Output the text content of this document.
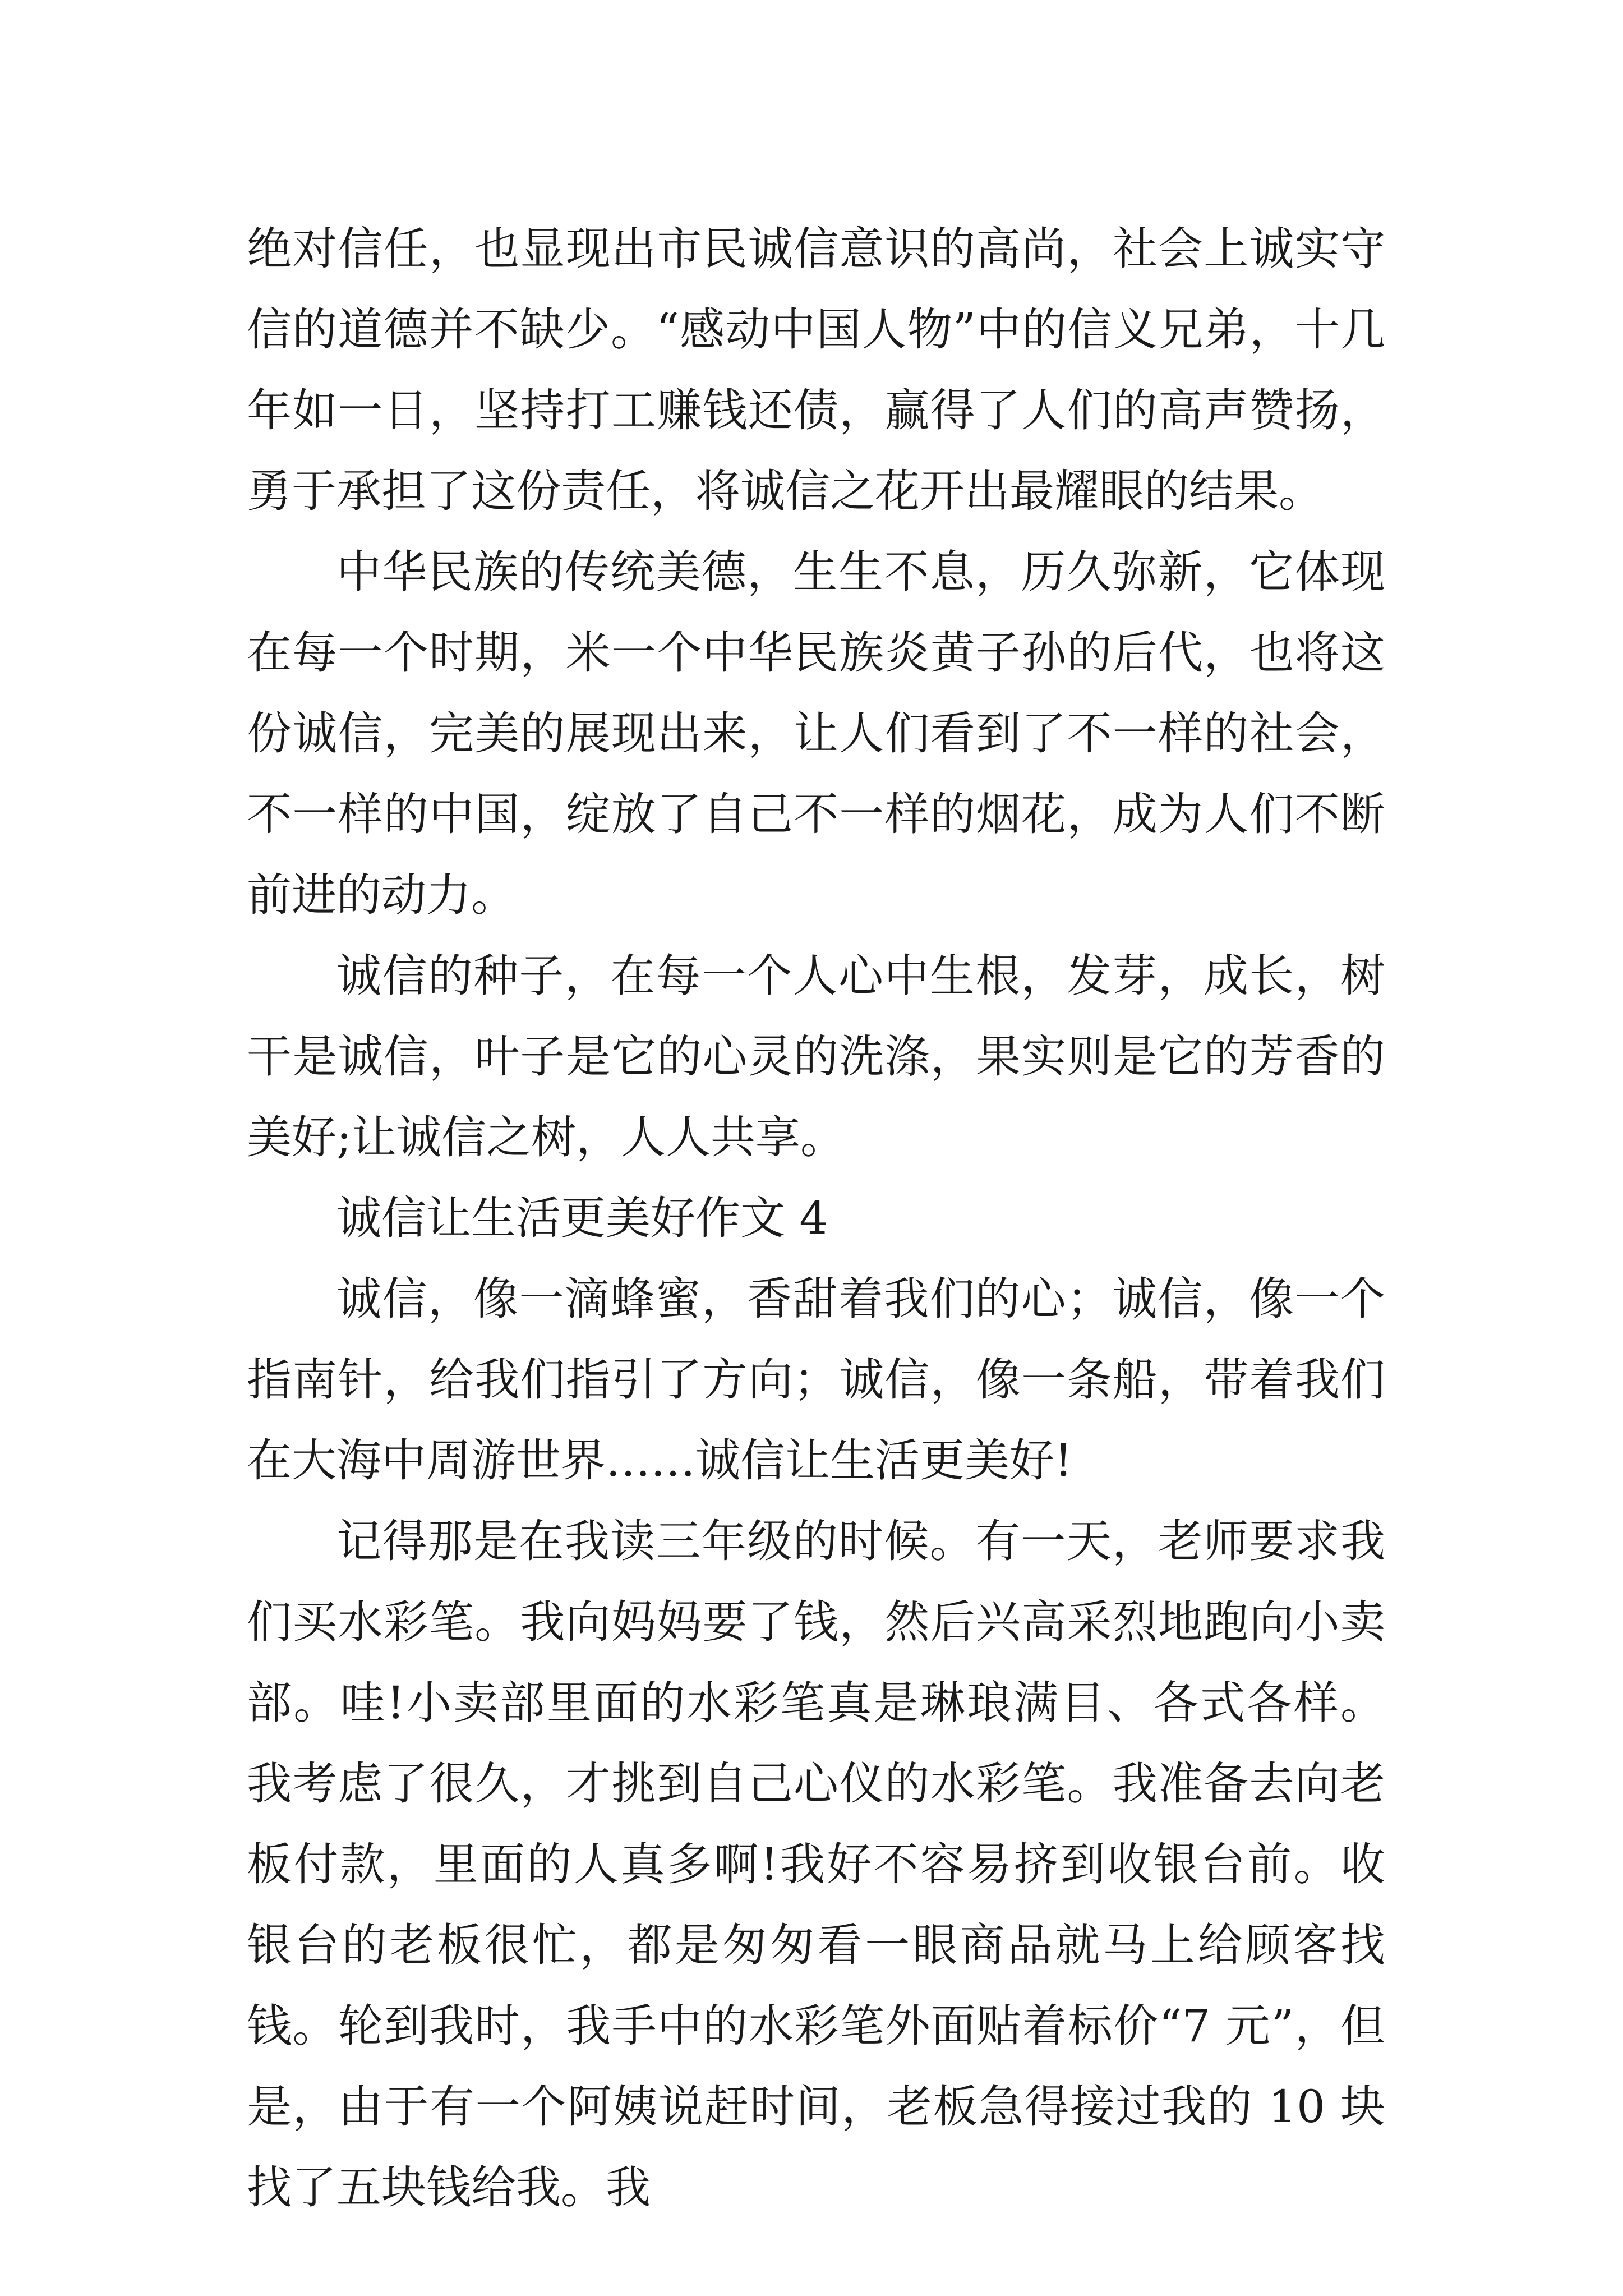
绝对信任，也显现出市民诚信意识的高尚，社会上诚实守信的道德并不缺少。“感动中国人物”中的信义兄弟，十几年如一日，坚持打工赚钱还债，赢得了人们的高声赞扬，勇于承担了这份责任，将诚信之花开出最耀眼的结果。

中华民族的传统美德，生生不息，历久弥新，它体现在每一个时期，米一个中华民族炎黄子孙的后代，也将这份诚信，完美的展现出来，让人们看到了不一样的社会，不一样的中国，绽放了自己不一样的烟花，成为人们不断前进的动力。

诚信的种子，在每一个人心中生根，发芽，成长，树干是诚信，叶子是它的心灵的洗涤，果实则是它的芳香的美好;让诚信之树，人人共享。

诚信让生活更美好作文 4

诚信，像一滴蜂蜜，香甜着我们的心；诚信，像一个指南针，给我们指引了方向；诚信，像一条船，带着我们在大海中周游世界……诚信让生活更美好!

记得那是在我读三年级的时候。有一天，老师要求我们买水彩笔。我向妈妈要了钱，然后兴高采烈地跑向小卖部。哇!小卖部里面的水彩笔真是琳琅满目、各式各样。我考虑了很久，才挑到自己心仪的水彩笔。我准备去向老板付款，里面的人真多啊!我好不容易挤到收银台前。收银台的老板很忙，都是匆匆看一眼商品就马上给顾客找钱。轮到我时，我手中的水彩笔外面贴着标价“7 元”，但是，由于有一个阿姨说赶时间，老板急得接过我的 10 块找了五块钱给我。我
